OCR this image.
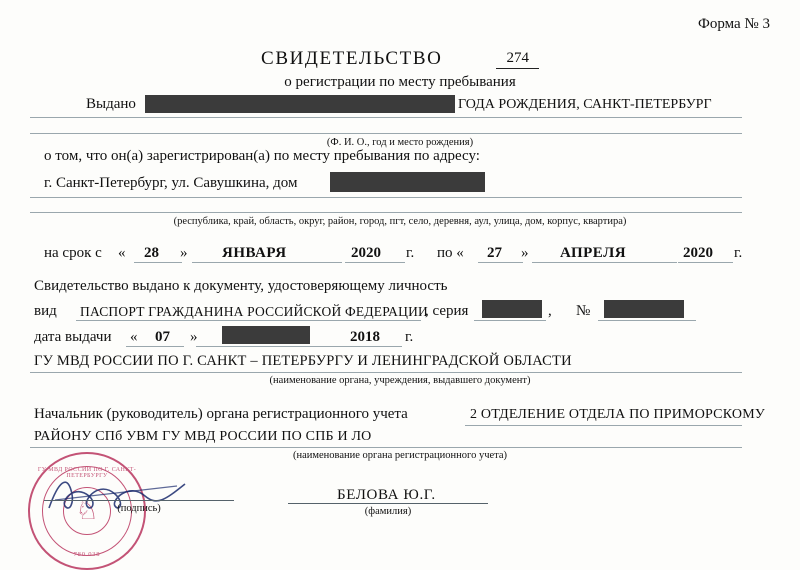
Форма № 3
СВИДЕТЕЛЬСТВО	274
о регистрации по месту пребывания
Выдано	ГОДА РОЖДЕНИЯ, САНКТ-ПЕТЕРБУРГ
(Ф. И. О., год и место рождения)
о том, что он(а) зарегистрирован(а) по месту пребывания по адресу:
г. Санкт-Петербург, ул. Савушкина, дом
(республика, край, область, округ, район, город, пгт, село, деревня, аул, улица, дом, корпус, квартира)
на срок с « 28 » ЯНВАРЯ	2020 г. по « 27 » АПРЕЛЯ	2020 г.
Свидетельство выдано к документу, удостоверяющему личность
вид ПАСПОРТ ГРАЖДАНИНА РОССИЙСКОЙ ФЕДЕРАЦИИ
, серия	, №
дата выдачи « 07 »	2018 г.
ГУ МВД РОССИИ ПО Г. САНКТ – ПЕТЕРБУРГУ И ЛЕНИНГРАДСКОЙ ОБЛАСТИ
(наименование органа, учреждения, выдавшего документ)
Начальник (руководитель) органа регистрационного учета	2 ОТДЕЛЕНИЕ ОТДЕЛА ПО ПРИМОРСКОМУ
РАЙОНУ СПб УВМ ГУ МВД РОССИИ ПО СПБ И ЛО
(наименование органа регистрационного учета)
ГУ МВД РОССИИ ПО Г. САНКТ-ПЕТЕРБУРГУ
♘
780 038
(подпись)
БЕЛОВА Ю.Г.
(фамилия)
